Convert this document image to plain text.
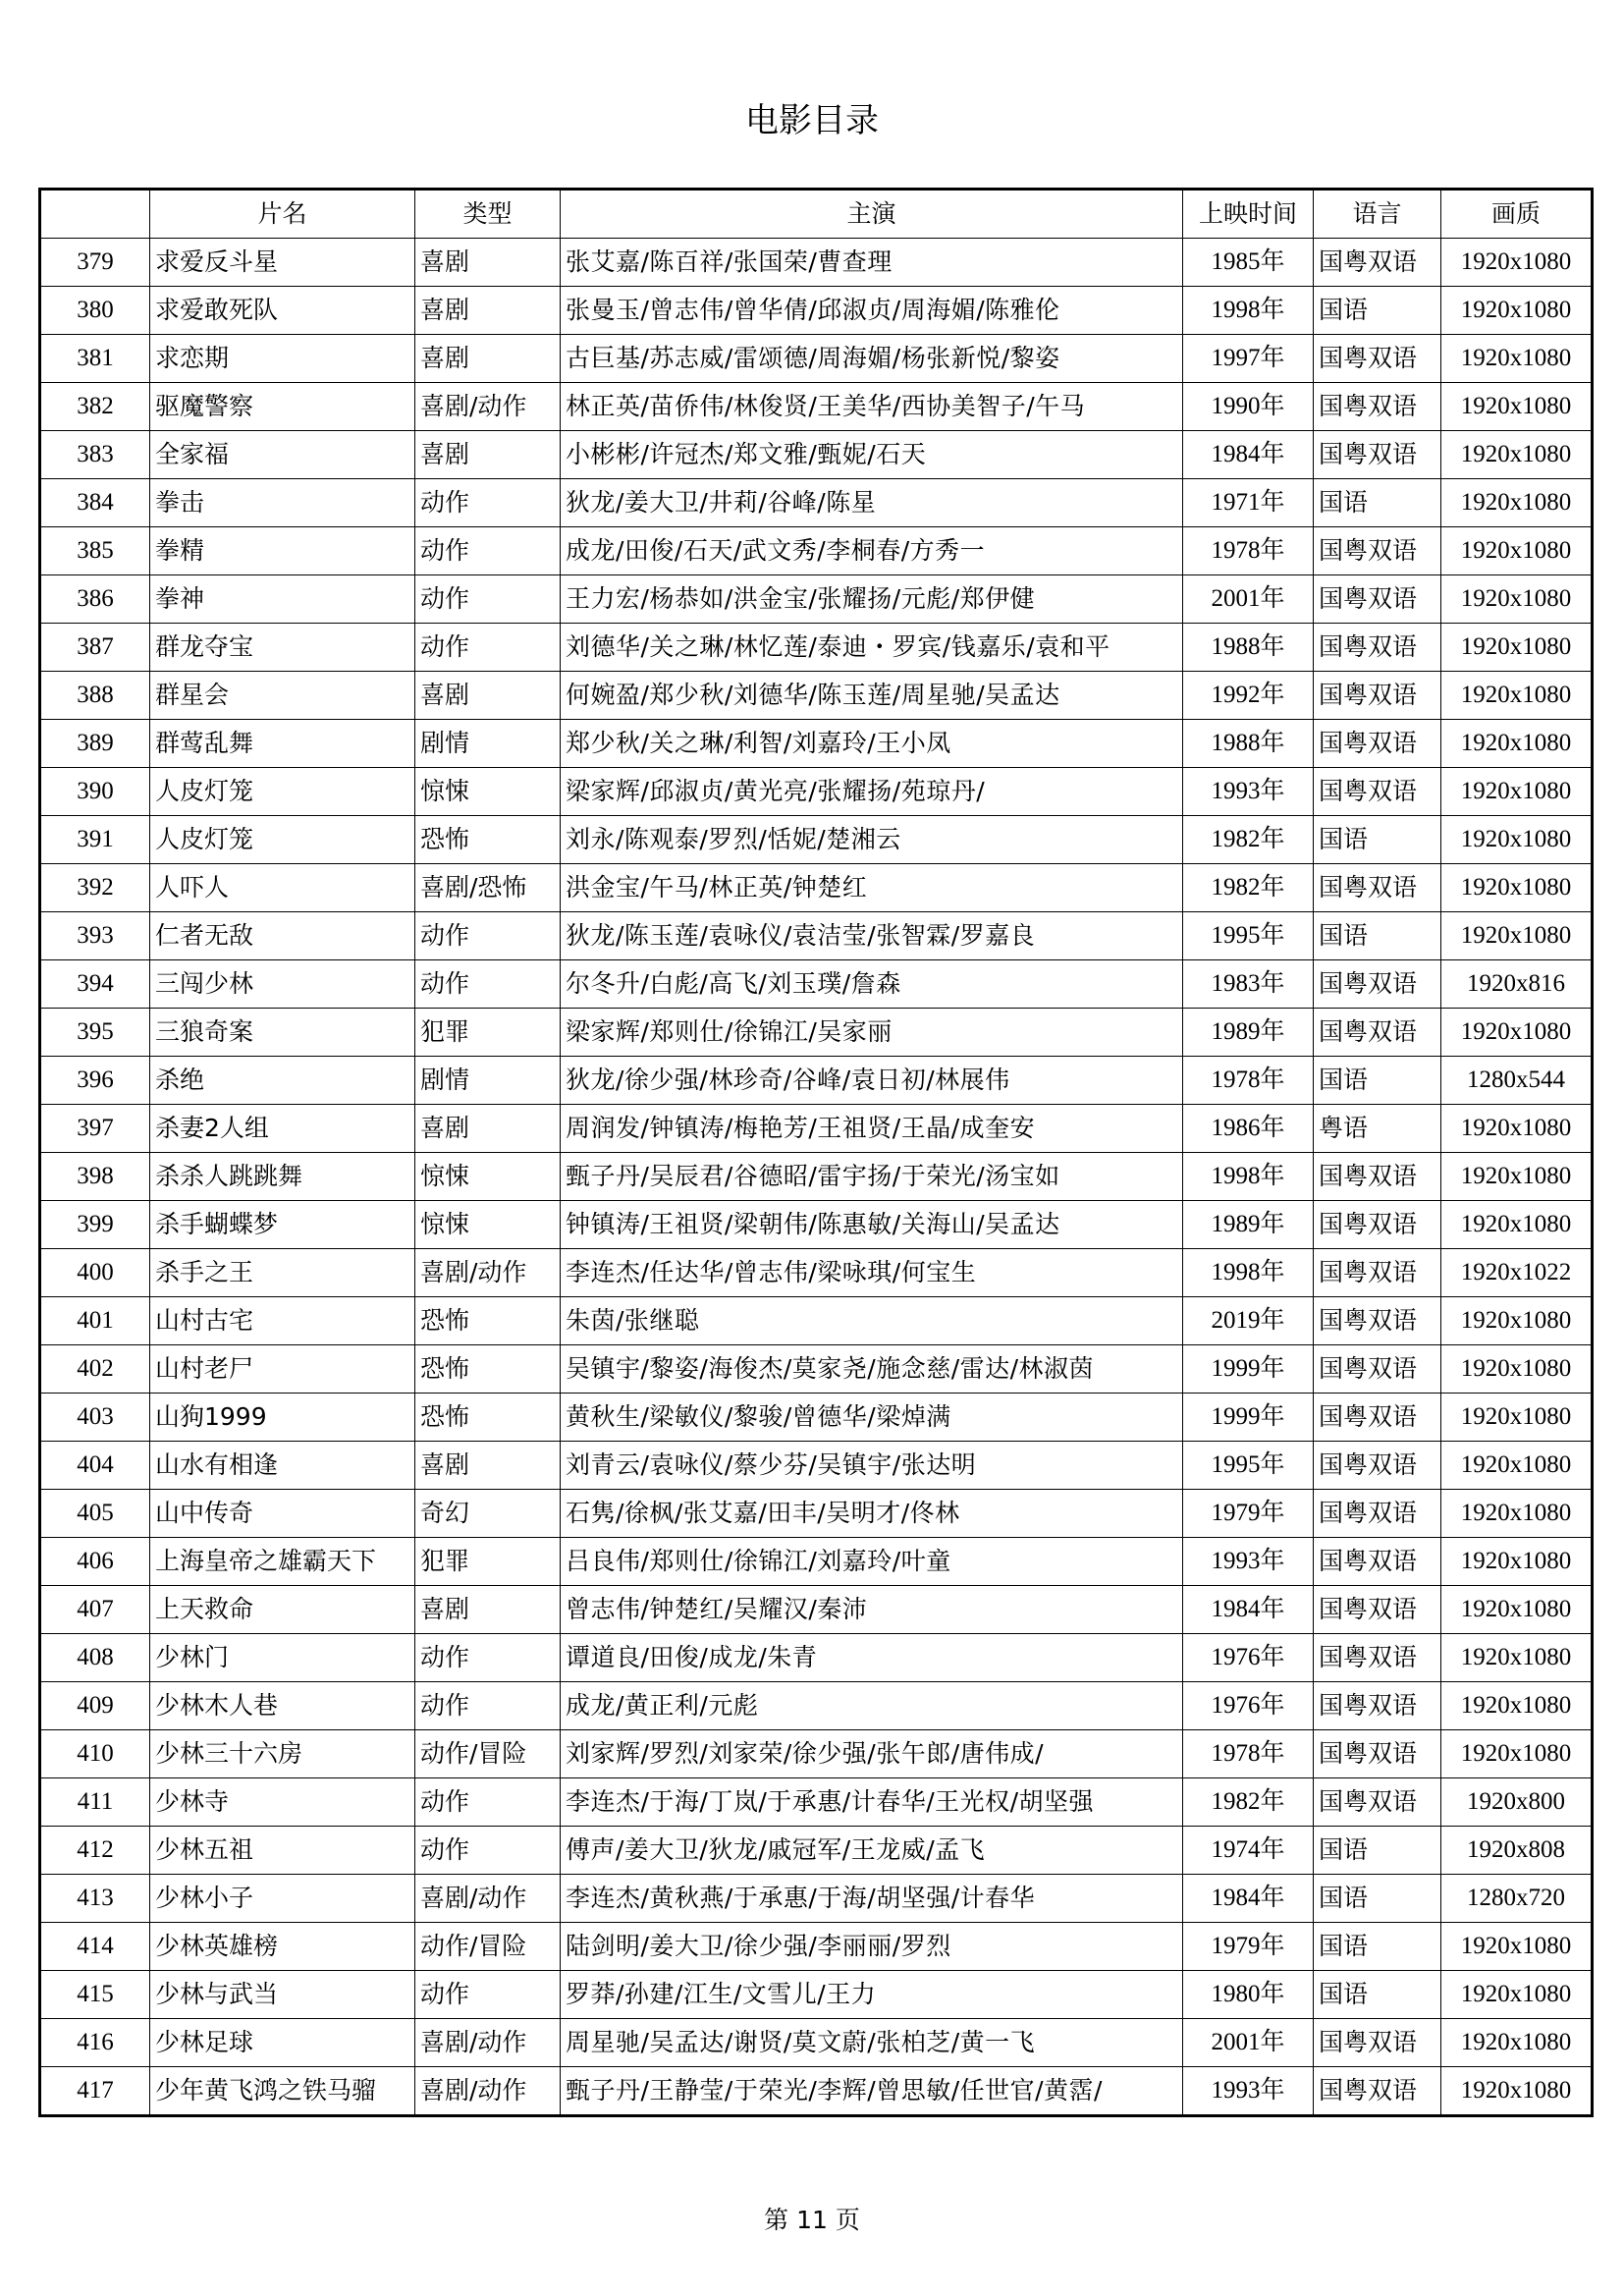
电影目录
	片名	类型	主演	上映时间	语言	画质
379	求爱反斗星	喜剧	张艾嘉/陈百祥/张国荣/曹查理	1985年	国粤双语	1920x1080
380	求爱敢死队	喜剧	张曼玉/曾志伟/曾华倩/邱淑贞/周海媚/陈雅伦	1998年	国语	1920x1080
381	求恋期	喜剧	古巨基/苏志威/雷颂德/周海媚/杨张新悦/黎姿	1997年	国粤双语	1920x1080
382	驱魔警察	喜剧/动作	林正英/苗侨伟/林俊贤/王美华/西协美智子/午马	1990年	国粤双语	1920x1080
383	全家福	喜剧	小彬彬/许冠杰/郑文雅/甄妮/石天	1984年	国粤双语	1920x1080
384	拳击	动作	狄龙/姜大卫/井莉/谷峰/陈星	1971年	国语	1920x1080
385	拳精	动作	成龙/田俊/石天/武文秀/李桐春/方秀一	1978年	国粤双语	1920x1080
386	拳神	动作	王力宏/杨恭如/洪金宝/张耀扬/元彪/郑伊健	2001年	国粤双语	1920x1080
387	群龙夺宝	动作	刘德华/关之琳/林忆莲/泰迪・罗宾/钱嘉乐/袁和平	1988年	国粤双语	1920x1080
388	群星会	喜剧	何婉盈/郑少秋/刘德华/陈玉莲/周星驰/吴孟达	1992年	国粤双语	1920x1080
389	群莺乱舞	剧情	郑少秋/关之琳/利智/刘嘉玲/王小凤	1988年	国粤双语	1920x1080
390	人皮灯笼	惊悚	梁家辉/邱淑贞/黄光亮/张耀扬/苑琼丹/	1993年	国粤双语	1920x1080
391	人皮灯笼	恐怖	刘永/陈观泰/罗烈/恬妮/楚湘云	1982年	国语	1920x1080
392	人吓人	喜剧/恐怖	洪金宝/午马/林正英/钟楚红	1982年	国粤双语	1920x1080
393	仁者无敌	动作	狄龙/陈玉莲/袁咏仪/袁洁莹/张智霖/罗嘉良	1995年	国语	1920x1080
394	三闯少林	动作	尔冬升/白彪/高飞/刘玉璞/詹森	1983年	国粤双语	1920x816
395	三狼奇案	犯罪	梁家辉/郑则仕/徐锦江/吴家丽	1989年	国粤双语	1920x1080
396	杀绝	剧情	狄龙/徐少强/林珍奇/谷峰/袁日初/林展伟	1978年	国语	1280x544
397	杀妻2人组	喜剧	周润发/钟镇涛/梅艳芳/王祖贤/王晶/成奎安	1986年	粤语	1920x1080
398	杀杀人跳跳舞	惊悚	甄子丹/吴辰君/谷德昭/雷宇扬/于荣光/汤宝如	1998年	国粤双语	1920x1080
399	杀手蝴蝶梦	惊悚	钟镇涛/王祖贤/梁朝伟/陈惠敏/关海山/吴孟达	1989年	国粤双语	1920x1080
400	杀手之王	喜剧/动作	李连杰/任达华/曾志伟/梁咏琪/何宝生	1998年	国粤双语	1920x1022
401	山村古宅	恐怖	朱茵/张继聪	2019年	国粤双语	1920x1080
402	山村老尸	恐怖	吴镇宇/黎姿/海俊杰/莫家尧/施念慈/雷达/林淑茵	1999年	国粤双语	1920x1080
403	山狗1999	恐怖	黄秋生/梁敏仪/黎骏/曾德华/梁焯满	1999年	国粤双语	1920x1080
404	山水有相逢	喜剧	刘青云/袁咏仪/蔡少芬/吴镇宇/张达明	1995年	国粤双语	1920x1080
405	山中传奇	奇幻	石隽/徐枫/张艾嘉/田丰/吴明才/佟林	1979年	国粤双语	1920x1080
406	上海皇帝之雄霸天下	犯罪	吕良伟/郑则仕/徐锦江/刘嘉玲/叶童	1993年	国粤双语	1920x1080
407	上天救命	喜剧	曾志伟/钟楚红/吴耀汉/秦沛	1984年	国粤双语	1920x1080
408	少林门	动作	谭道良/田俊/成龙/朱青	1976年	国粤双语	1920x1080
409	少林木人巷	动作	成龙/黄正利/元彪	1976年	国粤双语	1920x1080
410	少林三十六房	动作/冒险	刘家辉/罗烈/刘家荣/徐少强/张午郎/唐伟成/	1978年	国粤双语	1920x1080
411	少林寺	动作	李连杰/于海/丁岚/于承惠/计春华/王光权/胡坚强	1982年	国粤双语	1920x800
412	少林五祖	动作	傅声/姜大卫/狄龙/戚冠军/王龙威/孟飞	1974年	国语	1920x808
413	少林小子	喜剧/动作	李连杰/黄秋燕/于承惠/于海/胡坚强/计春华	1984年	国语	1280x720
414	少林英雄榜	动作/冒险	陆剑明/姜大卫/徐少强/李丽丽/罗烈	1979年	国语	1920x1080
415	少林与武当	动作	罗莽/孙建/江生/文雪儿/王力	1980年	国语	1920x1080
416	少林足球	喜剧/动作	周星驰/吴孟达/谢贤/莫文蔚/张柏芝/黄一飞	2001年	国粤双语	1920x1080
417	少年黄飞鸿之铁马骝	喜剧/动作	甄子丹/王静莹/于荣光/李辉/曾思敏/任世官/黄霑/	1993年	国粤双语	1920x1080
第 11 页
